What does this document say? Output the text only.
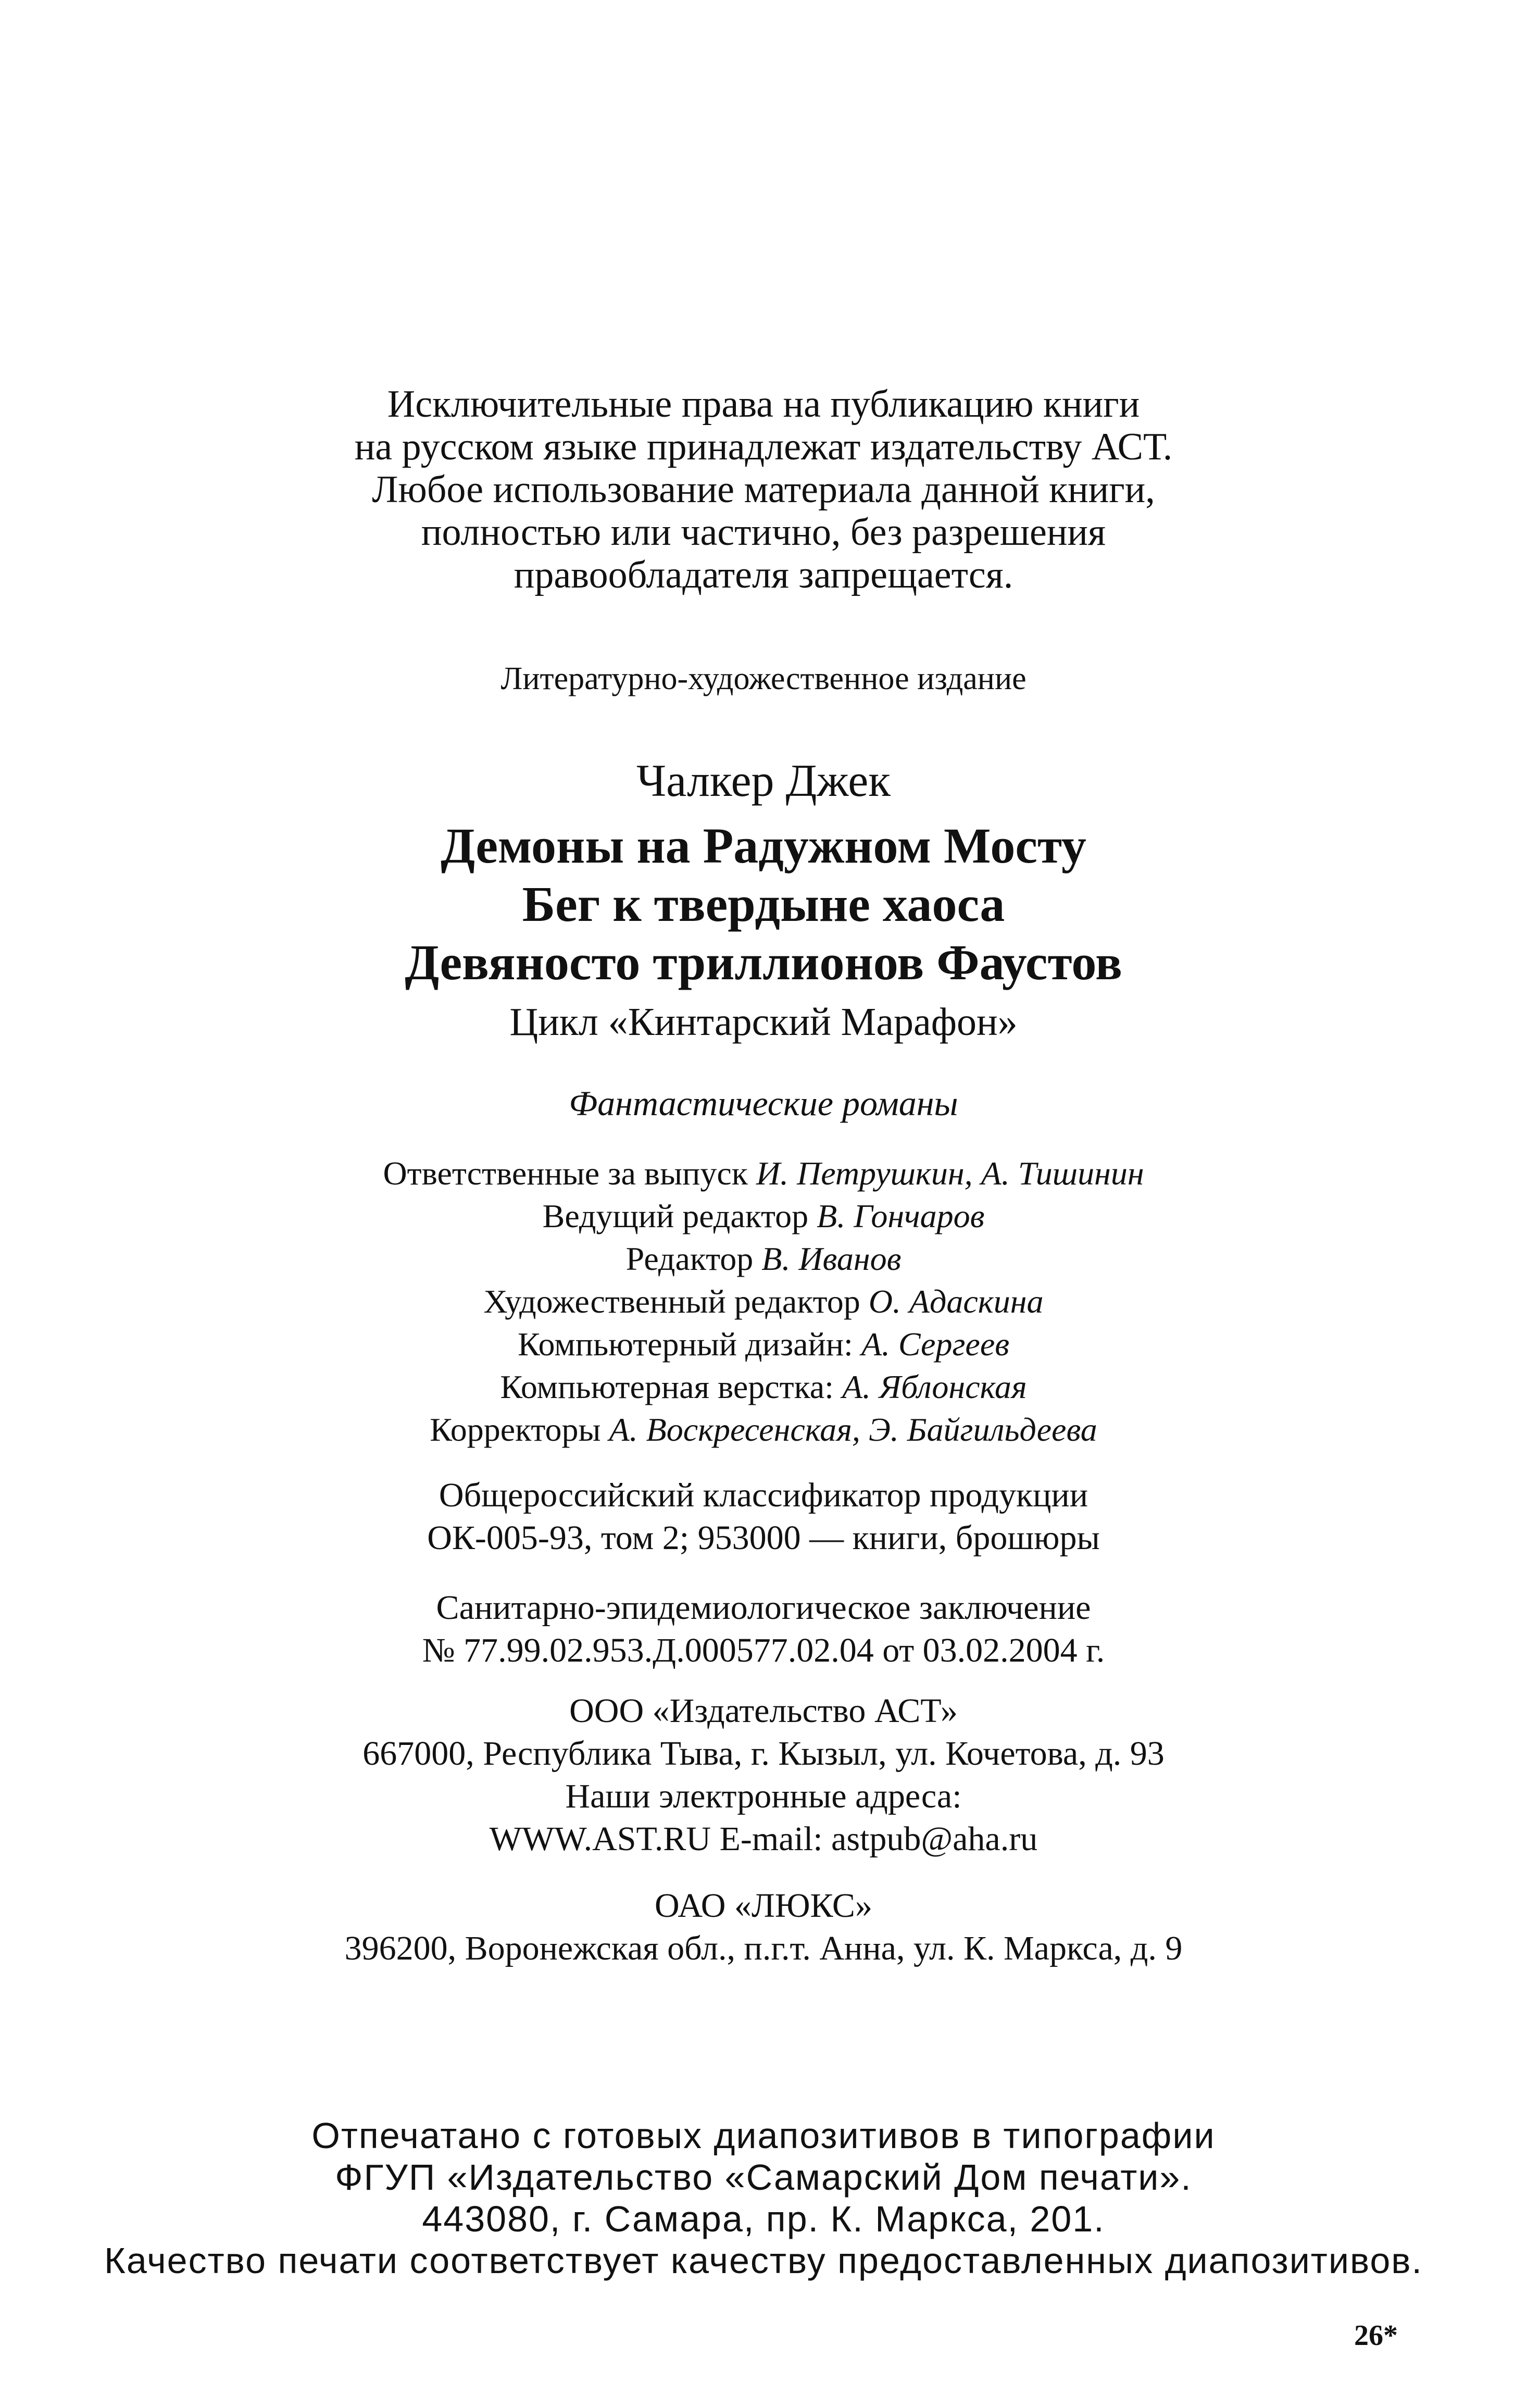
Исключительные права на публикацию книги
на русском языке принадлежат издательству АСТ.
Любое использование материала данной книги,
полностью или частично, без разрешения
правообладателя запрещается.
Литературно-художественное издание
Чалкер Джек
Демоны на Радужном Мосту
Бег к твердыне хаоса
Девяносто триллионов Фаустов
Цикл «Кинтарский Марафон»
Фантастические романы
Ответственные за выпуск И. Петрушкин, А. Тишинин
Ведущий редактор В. Гончаров
Редактор В. Иванов
Художественный редактор О. Адаскина
Компьютерный дизайн: А. Сергеев
Компьютерная верстка: А. Яблонская
Корректоры А. Воскресенская, Э. Байгильдеева
Общероссийский классификатор продукции
ОК-005-93, том 2; 953000 — книги, брошюры
Санитарно-эпидемиологическое заключение
№ 77.99.02.953.Д.000577.02.04 от 03.02.2004 г.
ООО «Издательство АСТ»
667000, Республика Тыва, г. Кызыл, ул. Кочетова, д. 93
Наши электронные адреса:
WWW.AST.RU E-mail: astpub@aha.ru
ОАО «ЛЮКС»
396200, Воронежская обл., п.г.т. Анна, ул. К. Маркса, д. 9
Отпечатано с готовых диапозитивов в типографии
ФГУП «Издательство «Самарский Дом печати».
443080, г. Самара, пр. К. Маркса, 201.
Качество печати соответствует качеству предоставленных диапозитивов.
26*
